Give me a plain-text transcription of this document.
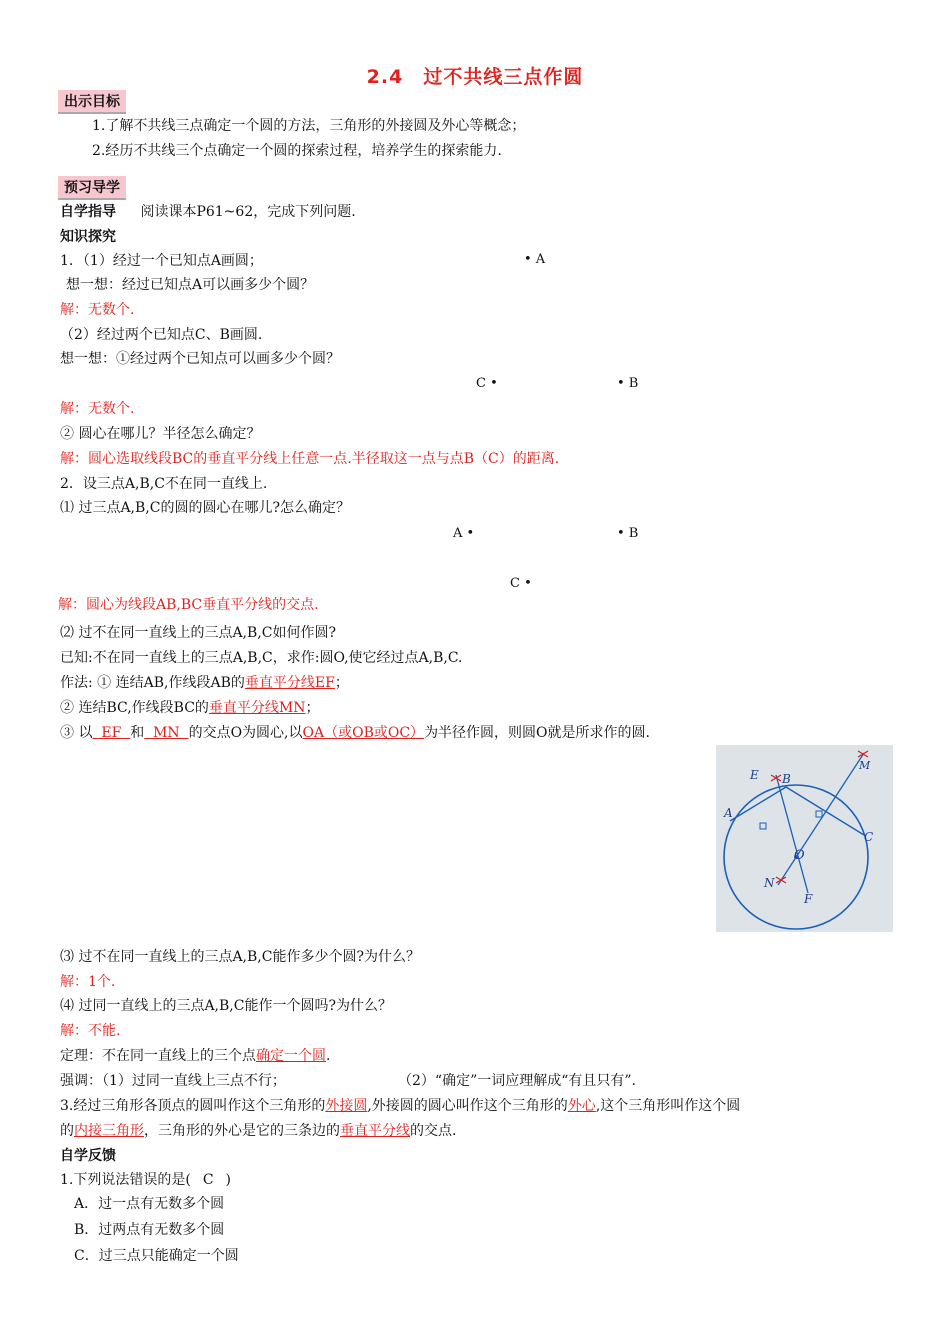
2.4　过不共线三点作圆
出示目标
1.了解不共线三点确定一个圆的方法，三角形的外接圆及外心等概念；
2.经历不共线三个点确定一个圆的探索过程，培养学生的探索能力.
预习导学
自学指导 阅读课本P61~62，完成下列问题.
知识探究
1．（1）经过一个已知点A画圆；	• A
想一想：经过已知点A可以画多少个圆？
解：无数个.
（2）经过两个已知点C、B画圆.
想一想：①经过两个已知点可以画多少个圆？
C •	• B
解：无数个.
② 圆心在哪儿？半径怎么确定？
解：圆心选取线段BC的垂直平分线上任意一点.半径取这一点与点B（C）的距离.
2．设三点A,B,C不在同一直线上.
⑴ 过三点A,B,C的圆的圆心在哪儿?怎么确定？
A •	• B
C •
解：圆心为线段AB,BC垂直平分线的交点.
⑵ 过不在同一直线上的三点A,B,C如何作圆?
已知:不在同一直线上的三点A,B,C，求作:圆O,使它经过点A,B,C.
作法: ① 连结AB,作线段AB的垂直平分线EF；
② 连结BC,作线段BC的垂直平分线MN；
③ 以  EF  和  MN  的交点O为圆心,以OA（或OB或OC）为半径作圆，则圆O就是所求作的圆.
E B
M
A
C
O
N
F
⑶ 过不在同一直线上的三点A,B,C能作多少个圆?为什么？
解：1个.
⑷ 过同一直线上的三点A,B,C能作一个圆吗?为什么？
解：不能.
定理：不在同一直线上的三个点确定一个圆.
强调：（1）过同一直线上三点不行；	（2）“确定”一词应理解成“有且只有”.
3.经过三角形各顶点的圆叫作这个三角形的外接圆,外接圆的圆心叫作这个三角形的外心,这个三角形叫作这个圆
的内接三角形，三角形的外心是它的三条边的垂直平分线的交点.
自学反馈
1.下列说法错误的是( C )
A．过一点有无数多个圆
B．过两点有无数多个圆
C．过三点只能确定一个圆
